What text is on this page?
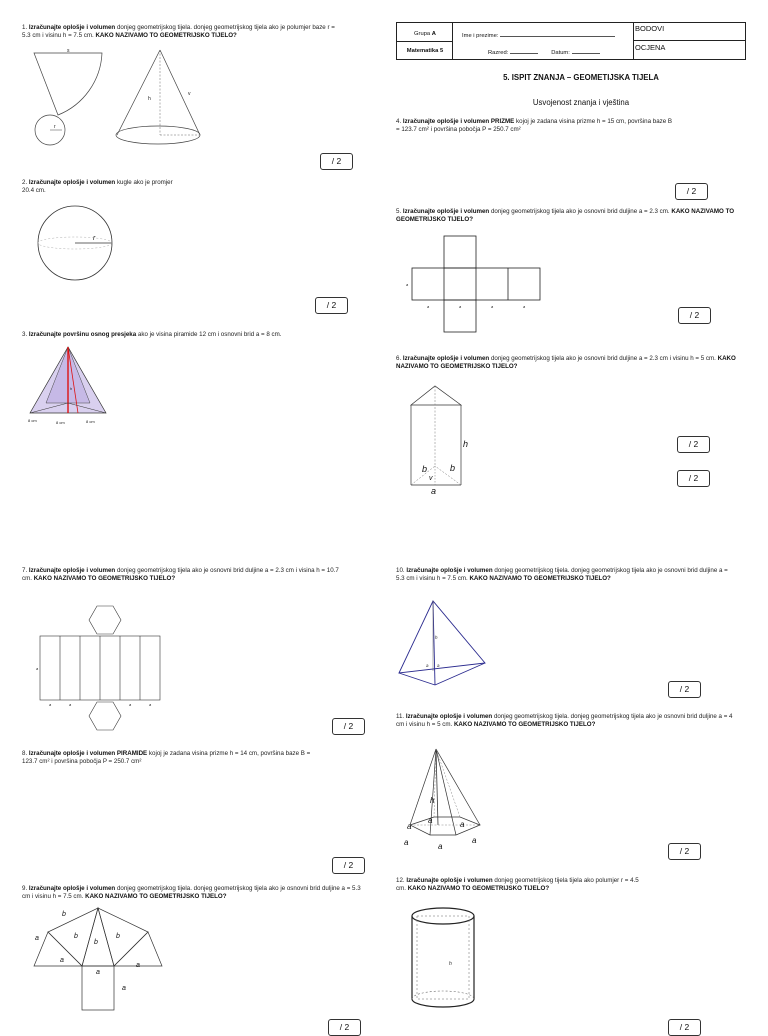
Grupa A
Matematika 5
Ime i prezime:
Razred:	Datum:
BODOVI
OCJENA
5. ISPIT ZNANJA – GEOMETIJSKA TIJELA
Usvojenost znanja i vještina
1. Izračunajte oplošje i volumen donjeg geometrijskog tijela. donjeg geometrijskog tijela ako je polumjer baze r = 5.3 cm i visinu h = 7.5 cm. KAKO NAZIVAMO TO GEOMETRIJSKO TIJELO?
2. Izračunajte oplošje i volumen kugle ako je promjer 20.4 cm.
3. Izračunajte površinu osnog presjeka ako je visina piramide 12 cm i osnovni brid a = 8 cm.
4. Izračunajte oplošje i volumen PRIZME kojoj je zadana visina prizme h = 15 cm, površina baze B = 123.7 cm² i površina pobočja P = 250.7 cm²
5. Izračunajte oplošje i volumen donjeg geometrijskog tijela ako je osnovni brid duljine a = 2.3 cm. KAKO NAZIVAMO TO GEOMETRIJSKO TIJELO?
6. Izračunajte oplošje i volumen donjeg geometrijskog tijela ako je osnovni brid duljine a = 2.3 cm i visinu h = 5 cm. KAKO NAZIVAMO TO GEOMETRIJSKO TIJELO?
7. Izračunajte oplošje i volumen donjeg geometrijskog tijela ako je osnovni brid duljine a = 2.3 cm i visina h = 10.7 cm. KAKO NAZIVAMO TO GEOMETRIJSKO TIJELO?
8. Izračunajte oplošje i volumen PIRAMIDE kojoj je zadana visina prizme h = 14 cm, površina baze B = 123.7 cm² i površina pobočja P = 250.7 cm²
9. Izračunajte oplošje i volumen donjeg geometrijskog tijela. donjeg geometrijskog tijela ako je osnovni brid duljine a = 5.3 cm i visinu h = 7.5 cm. KAKO NAZIVAMO TO GEOMETRIJSKO TIJELO?
10. Izračunajte oplošje i volumen donjeg geometrijskog tijela. donjeg geometrijskog tijela ako je osnovni brid duljine a = 5.3 cm i visinu h = 7.5 cm. KAKO NAZIVAMO TO GEOMETRIJSKO TIJELO?
11. Izračunajte oplošje i volumen donjeg geometrijskog tijela. donjeg geometrijskog tijela ako je osnovni brid duljine a = 4 cm i visinu h = 5 cm. KAKO NAZIVAMO TO GEOMETRIJSKO TIJELO?
12. Izračunajte oplošje i volumen donjeg geometrijskog tijela tijela ako polumjer r = 4.5 cm. KAKO NAZIVAMO TO GEOMETRIJSKO TIJELO?
/ 2
/ 2
/ 2
/ 2
/ 2
/ 2
/ 2
/ 2
/ 2
/ 2
/ 2
/ 2
s
r
h
v
r
h
8 cm	8 cm	8 cm
a
a	a	a	a
h
b	b
v
a
a
a	a	a	a
b
b
b
b
a
a
a
a
a
h
a a
h
a
a	a
a	a
a
h
